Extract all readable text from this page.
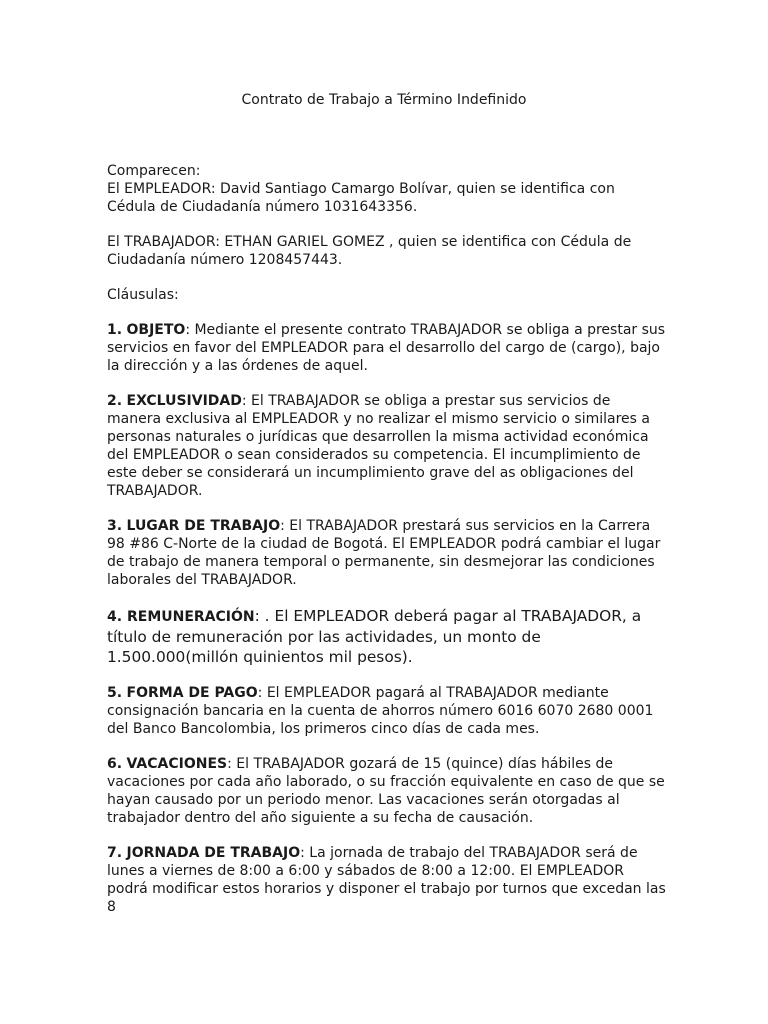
Contrato de Trabajo a Término Indefinido

Comparecen:

El EMPLEADOR: David Santiago Camargo Bolívar, quien se identifica con Cédula de Ciudadanía número 1031643356.

El TRABAJADOR: ETHAN GARIEL GOMEZ , quien se identifica con Cédula de Ciudadanía número 1208457443.

Cláusulas:

1. OBJETO: Mediante el presente contrato TRABAJADOR se obliga a prestar sus servicios en favor del EMPLEADOR para el desarrollo del cargo de (cargo), bajo la dirección y a las órdenes de aquel.

2. EXCLUSIVIDAD: El TRABAJADOR se obliga a prestar sus servicios de manera exclusiva al EMPLEADOR y no realizar el mismo servicio o similares a personas naturales o jurídicas que desarrollen la misma actividad económica del EMPLEADOR o sean considerados su competencia. El incumplimiento de este deber se considerará un incumplimiento grave del as obligaciones del TRABAJADOR.

3. LUGAR DE TRABAJO: El TRABAJADOR prestará sus servicios en la Carrera 98 #86 C-Norte de la ciudad de Bogotá. El EMPLEADOR podrá cambiar el lugar de trabajo de manera temporal o permanente, sin desmejorar las condiciones laborales del TRABAJADOR.

4. REMUNERACIÓN: . El EMPLEADOR deberá pagar al TRABAJADOR, a título de remuneración por las actividades, un monto de 1.500.000(millón quinientos mil pesos).

5. FORMA DE PAGO: El EMPLEADOR pagará al TRABAJADOR mediante consignación bancaria en la cuenta de ahorros número 6016 6070 2680 0001 del Banco Bancolombia, los primeros cinco días de cada mes.

6. VACACIONES: El TRABAJADOR gozará de 15 (quince) días hábiles de vacaciones por cada año laborado, o su fracción equivalente en caso de que se hayan causado por un periodo menor. Las vacaciones serán otorgadas al trabajador dentro del año siguiente a su fecha de causación.

7. JORNADA DE TRABAJO: La jornada de trabajo del TRABAJADOR será de lunes a viernes de 8:00 a 6:00 y sábados de 8:00 a 12:00. El EMPLEADOR podrá modificar estos horarios y disponer el trabajo por turnos que excedan las 8
